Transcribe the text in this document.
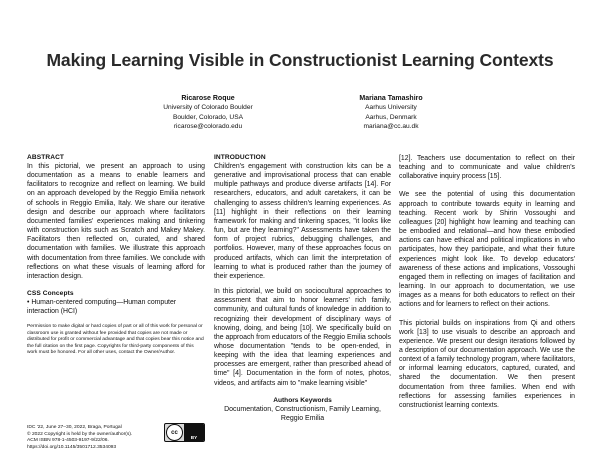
Making Learning Visible in Constructionist Learning Contexts
Ricarose Roque
University of Colorado Boulder
Boulder, Colorado, USA
ricarose@colorado.edu
Mariana Tamashiro
Aarhus University
Aarhus, Denmark
mariana@cc.au.dk
ABSTRACT
In this pictorial, we present an approach to using documentation as a means to enable learners and facilitators to recognize and reflect on learning. We build on an approach developed by the Reggio Emilia network of schools in Reggio Emilia, Italy. We share our iterative design and describe our approach where facilitators documented families' experiences making and tinkering with construction kits such as Scratch and Makey Makey. Facilitators then reflected on, curated, and shared documentation with families. We illustrate this approach with documentation from three families. We conclude with reflections on what these visuals of learning afford for interaction design.
CSS Concepts
• Human-centered computing—Human computer interaction (HCI)
Permission to make digital or hard copies of part or all of this work for personal or classroom use is granted without fee provided that copies are not made or distributed for profit or commercial advantage and that copies bear this notice and the full citation on the first page. Copyrights for third-party components of this work must be honored. For all other uses, contact the Owner/Author.
IDC '22, June 27–30, 2022, Braga, Portugal
© 2022 Copyright is held by the owner/author(s).
ACM ISBN 978-1-4503-9197-9/22/06.
https://doi.org/10.1145/3501712.3534093
cc
BY
INTRODUCTION
Children's engagement with construction kits can be a generative and improvisational process that can enable multiple pathways and produce diverse artifacts [14]. For researchers, educators, and adult caretakers, it can be challenging to assess children's learning experiences. As [11] highlight in their reflections on their learning framework for making and tinkering spaces, "it looks like fun, but are they learning?" Assessments have taken the form of project rubrics, debugging challenges, and portfolios. However, many of these approaches focus on produced artifacts, which can limit the interpretation of learning to what is produced rather than the journey of their experience.
In this pictorial, we build on sociocultural approaches to assessment that aim to honor learners' rich family, community, and cultural funds of knowledge in addition to recognizing their development of disciplinary ways of knowing, doing, and being [10]. We specifically build on the approach from educators of the Reggio Emilia schools whose documentation "tends to be open-ended, in keeping with the idea that learning experiences and processes are emergent, rather than prescribed ahead of time" [4]. Documentation in the form of notes, photos, videos, and artifacts aim to "make learning visible"
Authors Keywords
Documentation, Constructionism, Family Learning, Reggio Emilia
[12]. Teachers use documentation to reflect on their teaching and to communicate and value children's collaborative inquiry process [15].
We see the potential of using this documentation approach to contribute towards equity in learning and teaching. Recent work by Shirin Vossoughi and colleagues [20] highlight how learning and teaching can be embodied and relational—and how these embodied actions can have ethical and political implications in who participates, how they participate, and what their future experiences might look like. To develop educators' awareness of these actions and implications, Vossoughi engaged them in reflecting on images of facilitation and learning. In our approach to documentation, we use images as a means for both educators to reflect on their actions and for learners to reflect on their actions.
This pictorial builds on inspirations from Qi and others work [13] to use visuals to describe an approach and experience. We present our design iterations followed by a description of our documentation approach. We use the context of a family technology program, where facilitators, or informal learning educators, captured, curated, and shared the documentation. We then present documentation from three families. When end with reflections for assessing families experiences in constructionist learning contexts.
